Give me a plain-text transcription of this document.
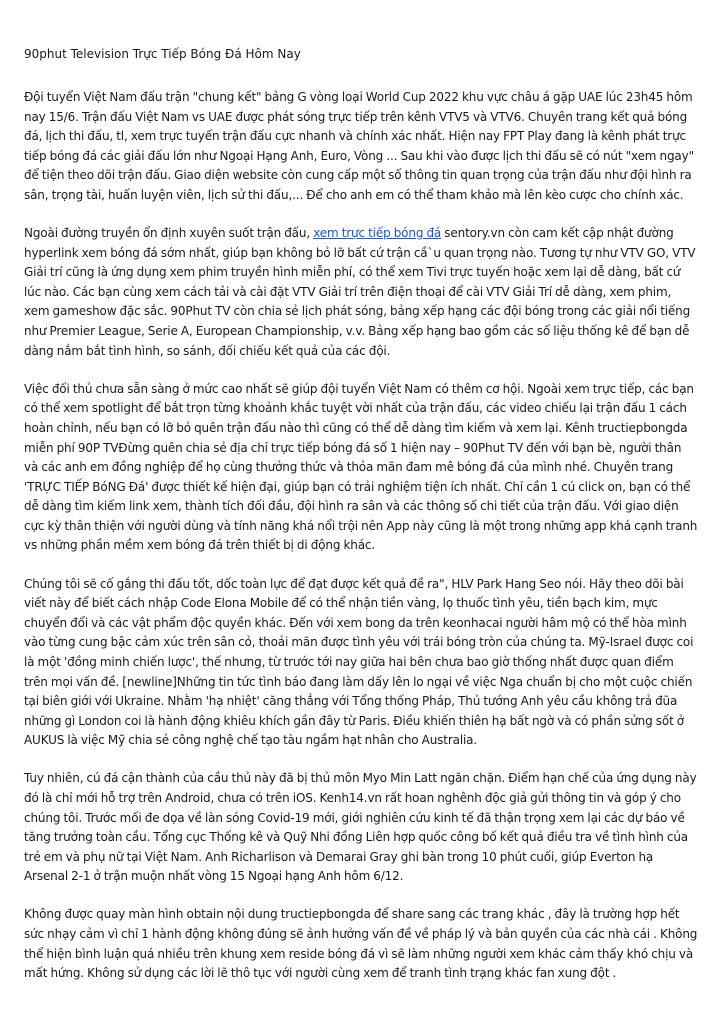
90phut Television Trực Tiếp Bóng Đá Hôm Nay

Đội tuyển Việt Nam đấu trận "chung kết" bảng G vòng loại World Cup 2022 khu vực châu á gặp UAE lúc 23h45 hôm nay 15/6. Trận đấu Việt Nam vs UAE được phát sóng trực tiếp trên kênh VTV5 và VTV6. Chuyên trang kết quả bóng đá, lịch thi đấu, tl, xem trực tuyến trận đấu cực nhanh và chính xác nhất. Hiện nay FPT Play đang là kênh phát trực tiếp bóng đá các giải đấu lớn như Ngoại Hạng Anh, Euro, Vòng ... Sau khi vào được lịch thi đấu sẽ có nút "xem ngay" để tiện theo dõi trận đấu. Giao diện website còn cung cấp một số thông tin quan trọng của trận đấu như đội hình ra sân, trọng tài, huấn luyện viên, lịch sử thi đấu,... Để cho anh em có thể tham khảo mà lên kèo cược cho chính xác.

Ngoài đường truyền ổn định xuyên suốt trận đấu, xem trực tiếp bóng đá sentory.vn còn cam kết cập nhật đường hyperlink xem bóng đá sớm nhất, giúp bạn không bỏ lỡ bất cứ trận cầ`u quan trọng nào. Tương tự như VTV GO, VTV Giải trí cũng là ứng dụng xem phim truyền hình miễn phí, có thể xem Tivi trực tuyến hoặc xem lại dễ dàng, bất cứ lúc nào. Các bạn cùng xem cách tải và cài đặt VTV Giải trí trên điện thoại để cài VTV Giải Trí dễ dàng, xem phim, xem gameshow đặc sắc. 90Phut TV còn chia sẻ lịch phát sóng, bảng xếp hạng các đội bóng trong các giải nổi tiếng như Premier League, Serie A, European Championship, v.v. Bảng xếp hạng bao gồm các số liệu thống kê để bạn dễ dàng nắm bắt tình hình, so sánh, đối chiếu kết quả của các đội.

Việc đối thủ chưa sẵn sàng ở mức cao nhất sẽ giúp đội tuyển Việt Nam có thêm cơ hội. Ngoài xem trực tiếp, các bạn có thể xem spotlight để bắt trọn từng khoảnh khắc tuyệt vời nhất của trận đấu, các video chiếu lại trận đấu 1 cách hoàn chỉnh, nếu bạn có lỡ bỏ quên trận đấu nào thì cũng có thể dễ dàng tìm kiếm và xem lại. Kênh tructiepbongda miễn phí 90P TVĐừng quên chia sẻ địa chỉ trực tiếp bóng đá số 1 hiện nay – 90Phut TV đến với bạn bè, người thân và các anh em đồng nghiệp để họ cùng thưởng thức và thỏa mãn đam mê bóng đá của mình nhé. Chuyên trang 'TRỰC TIẾP BóNG Đá' được thiết kế hiện đại, giúp bạn có trải nghiệm tiện ích nhất. Chỉ cần 1 cú click on, bạn có thể dễ dàng tìm kiếm link xem, thành tích đối đầu, đội hình ra sân và các thông số chi tiết của trận đấu. Với giao diện cực kỳ thân thiện với người dùng và tính năng khá nổi trội nên App này cũng là một trong những app khá cạnh tranh vs những phần mềm xem bóng đá trên thiết bị di động khác.

Chúng tôi sẽ cố gắng thi đấu tốt, dốc toàn lực để đạt được kết quả đề ra", HLV Park Hang Seo nói. Hãy theo dõi bài viết này để biết cách nhập Code Elona Mobile để có thể nhận tiền vàng, lọ thuốc tình yêu, tiền bạch kim, mực chuyển đổi và các vật phẩm độc quyền khác. Đến với xem bong da trên keonhacai người hâm mộ có thể hòa mình vào từng cung bậc cảm xúc trên sân cỏ, thoải mãn được tình yêu với trái bóng tròn của chúng ta. Mỹ-Israel được coi là một 'đồng minh chiến lược', thế nhưng, từ trước tới nay giữa hai bên chưa bao giờ thống nhất được quan điểm trên mọi vấn đề. [newline]Những tin tức tình báo đang làm dấy lên lo ngại về việc Nga chuẩn bị cho một cuộc chiến tại biên giới với Ukraine. Nhằm 'hạ nhiệt' căng thẳng với Tổng thống Pháp, Thủ tướng Anh yêu cầu không trả đũa những gì London coi là hành động khiêu khích gần đây từ Paris. Điều khiến thiên hạ bất ngờ và có phần sửng sốt ở AUKUS là việc Mỹ chia sẻ công nghệ chế tạo tàu ngầm hạt nhân cho Australia.

Tuy nhiên, cú đá cận thành của cầu thủ này đã bị thủ môn Myo Min Latt ngăn chặn. Điểm hạn chế của ứng dụng này đó là chỉ mới hỗ trợ trên Android, chưa có trên iOS. Kenh14.vn rất hoan nghênh độc giả gửi thông tin và góp ý cho chúng tôi. Trước mối đe dọa về làn sóng Covid-19 mới, giới nghiên cứu kinh tế đã thận trọng xem lại các dự báo về tăng trưởng toàn cầu. Tổng cục Thống kê và Quỹ Nhi đồng Liên hợp quốc công bố kết quả điều tra về tình hình của trẻ em và phụ nữ tại Việt Nam. Anh Richarlison và Demarai Gray ghi bàn trong 10 phút cuối, giúp Everton hạ Arsenal 2-1 ở trận muộn nhất vòng 15 Ngoại hạng Anh hôm 6/12.

Không được quay màn hình obtain nội dung tructiepbongda để share sang các trang khác , đây là trường hợp hết sức nhạy cảm vì chỉ 1 hành động không đúng sẽ ảnh hưởng vấn đề về pháp lý và bản quyền của các nhà cái . Không thể hiện bình luận quá nhiều trên khung xem reside bóng đá vì sẽ làm những người xem khác cảm thấy khó chịu và mất hứng. Không sử dụng các lời lẽ thô tục với người cùng xem để tranh tình trạng khác fan xung đột .
